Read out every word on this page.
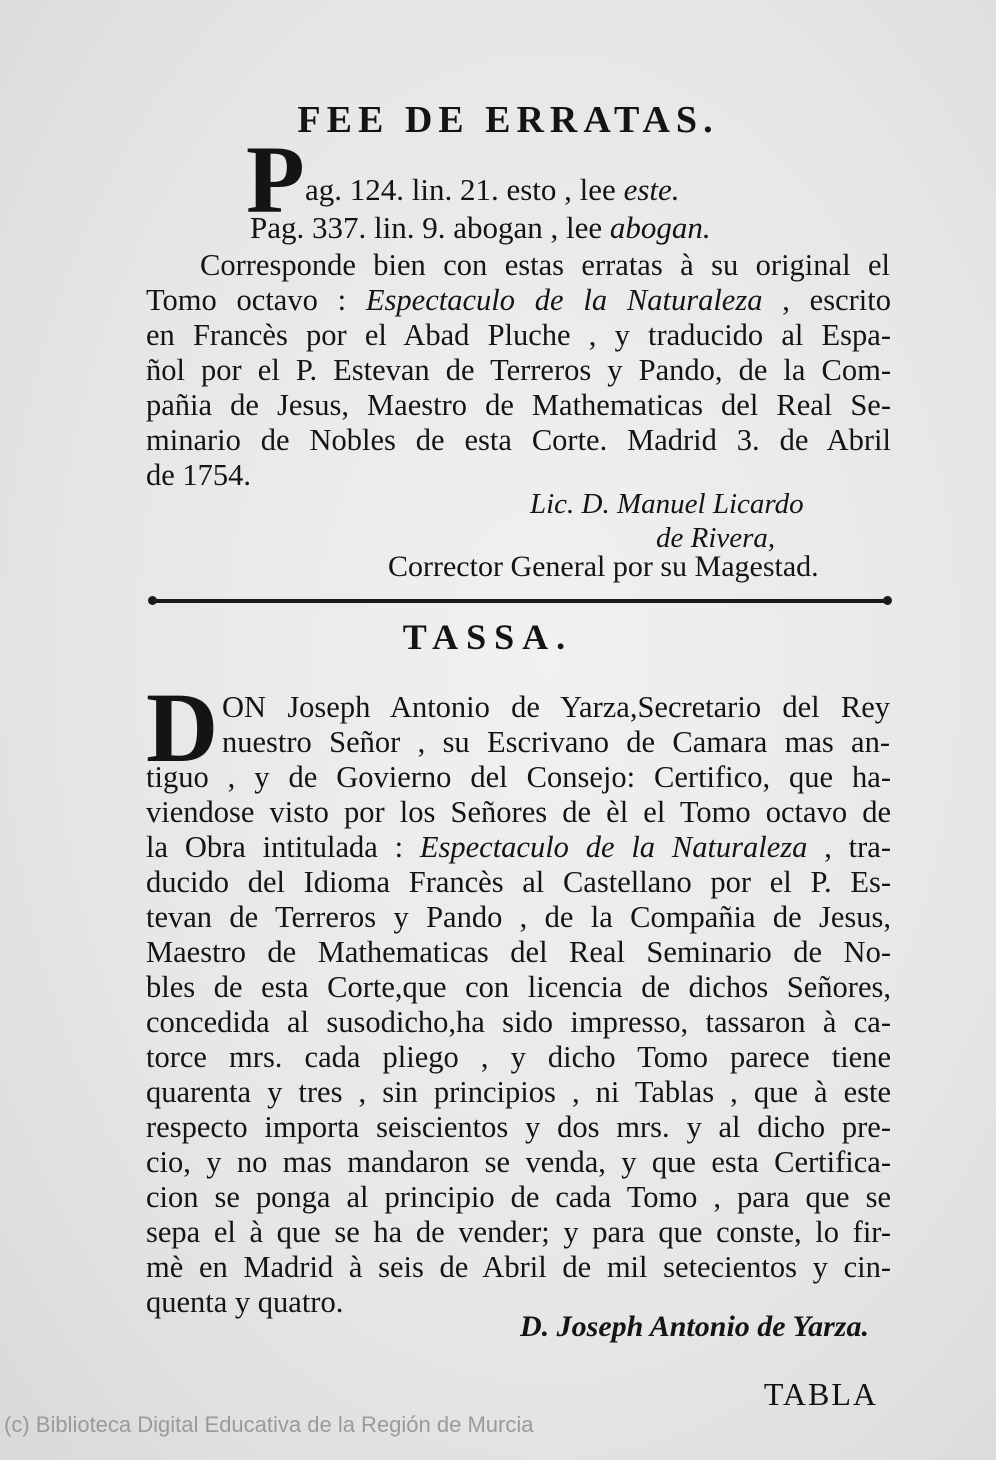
FEE DE ERRATAS.
P ag. 124. lin. 21. esto , lee este.
Pag. 337. lin. 9. abogan , lee abogan.
Corresponde bien con estas erratas à su original el
Tomo octavo : Espectaculo de la Naturaleza , escrito
en Francès por el Abad Pluche , y traducido al Espa-
ñol por el P. Estevan de Terreros y Pando, de la Com-
pañia de Jesus, Maestro de Mathematicas del Real Se-
minario de Nobles de esta Corte. Madrid 3. de Abril
de 1754.
Lic. D. Manuel Licardo
de Rivera,
Corrector General por su Magestad.
TASSA.
D ON Joseph Antonio de Yarza,Secretario del Rey
nuestro Señor , su Escrivano de Camara mas an-
tiguo , y de Govierno del Consejo: Certifico, que ha-
viendose visto por los Señores de èl el Tomo octavo de
la Obra intitulada : Espectaculo de la Naturaleza , tra-
ducido del Idioma Francès al Castellano por el P. Es-
tevan de Terreros y Pando , de la Compañia de Jesus,
Maestro de Mathematicas del Real Seminario de No-
bles de esta Corte,que con licencia de dichos Señores,
concedida al susodicho,ha sido impresso, tassaron à ca-
torce mrs. cada pliego , y dicho Tomo parece tiene
quarenta y tres , sin principios , ni Tablas , que à este
respecto importa seiscientos y dos mrs. y al dicho pre-
cio, y no mas mandaron se venda, y que esta Certifica-
cion se ponga al principio de cada Tomo , para que se
sepa el à que se ha de vender; y para que conste, lo fir-
mè en Madrid à seis de Abril de mil setecientos y cin-
quenta y quatro.
D. Joseph Antonio de Yarza.
TABLA
(c) Biblioteca Digital Educativa de la Región de Murcia
